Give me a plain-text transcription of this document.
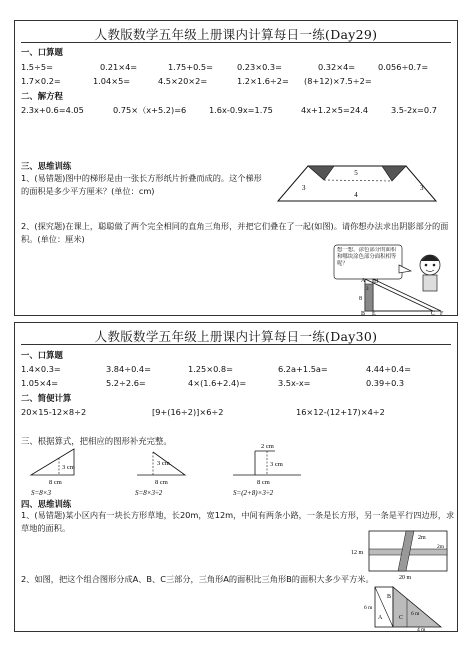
人教版数学五年级上册课内计算每日一练(Day29)
一、口算题
1.5÷5=	0.21×4=	1.75+0.5=	0.23×0.3=	0.32×4=	0.056÷0.7=
1.7×0.2=	1.04×5=	4.5×20×2=	1.2×1.6÷2= (8+12)×7.5÷2=
二、解方程
2.3x+0.6=4.05	0.75×（x+5.2)=6	1.6x-0.9x=1.75	4x+1.2×5=24.4	3.5-2x=0.7
三、思维训练
1、(易错题)图中的梯形是由一张长方形纸片折叠而成的。这个梯形的面积是多少平方厘米？(单位：cm)
5
4
3	3
2、(探究题)在课上，聪聪做了两个完全相同的直角三角形，并把它们叠在了一起(如图)。请你想办法求出阴影部分的面积。(单位：厘米)
想一想，涂色部分的面积和哪块涂色部分面积相等呢？
3
A D
8
B E	C F
人教版数学五年级上册课内计算每日一练(Day30)
一、口算题
1.4×0.3=	3.84÷0.4=	1.25×0.8=	6.2a+1.5a=	4.44÷0.4=
1.05×4=	5.2÷2.6=	4×(1.6+2.4)=	3.5x-x=	0.39÷0.3
二、简便计算
20×15-12×8÷2	[9+(16÷2)]×6÷2	16×12-(12+17)×4÷2
三、根据算式，把相应的图形补充完整。
3 cm
8 cm
S=8×3
3 cm
8 cm
S=8×3÷2
2 cm
3 cm
8 cm
S=(2+8)×3÷2
四、思维训练
1、(易错题)某小区内有一块长方形草地，长20m，宽12m，中间有两条小路，一条是长方形，另一条是平行四边形，求草地的面积。
2m
12 m
20 m
2m
2、如图，把这个组合图形分成A、B、C三部分，三角形A的面积比三角形B的面积大多少平方米。
6 m
A
B
C
6 m
4 m
